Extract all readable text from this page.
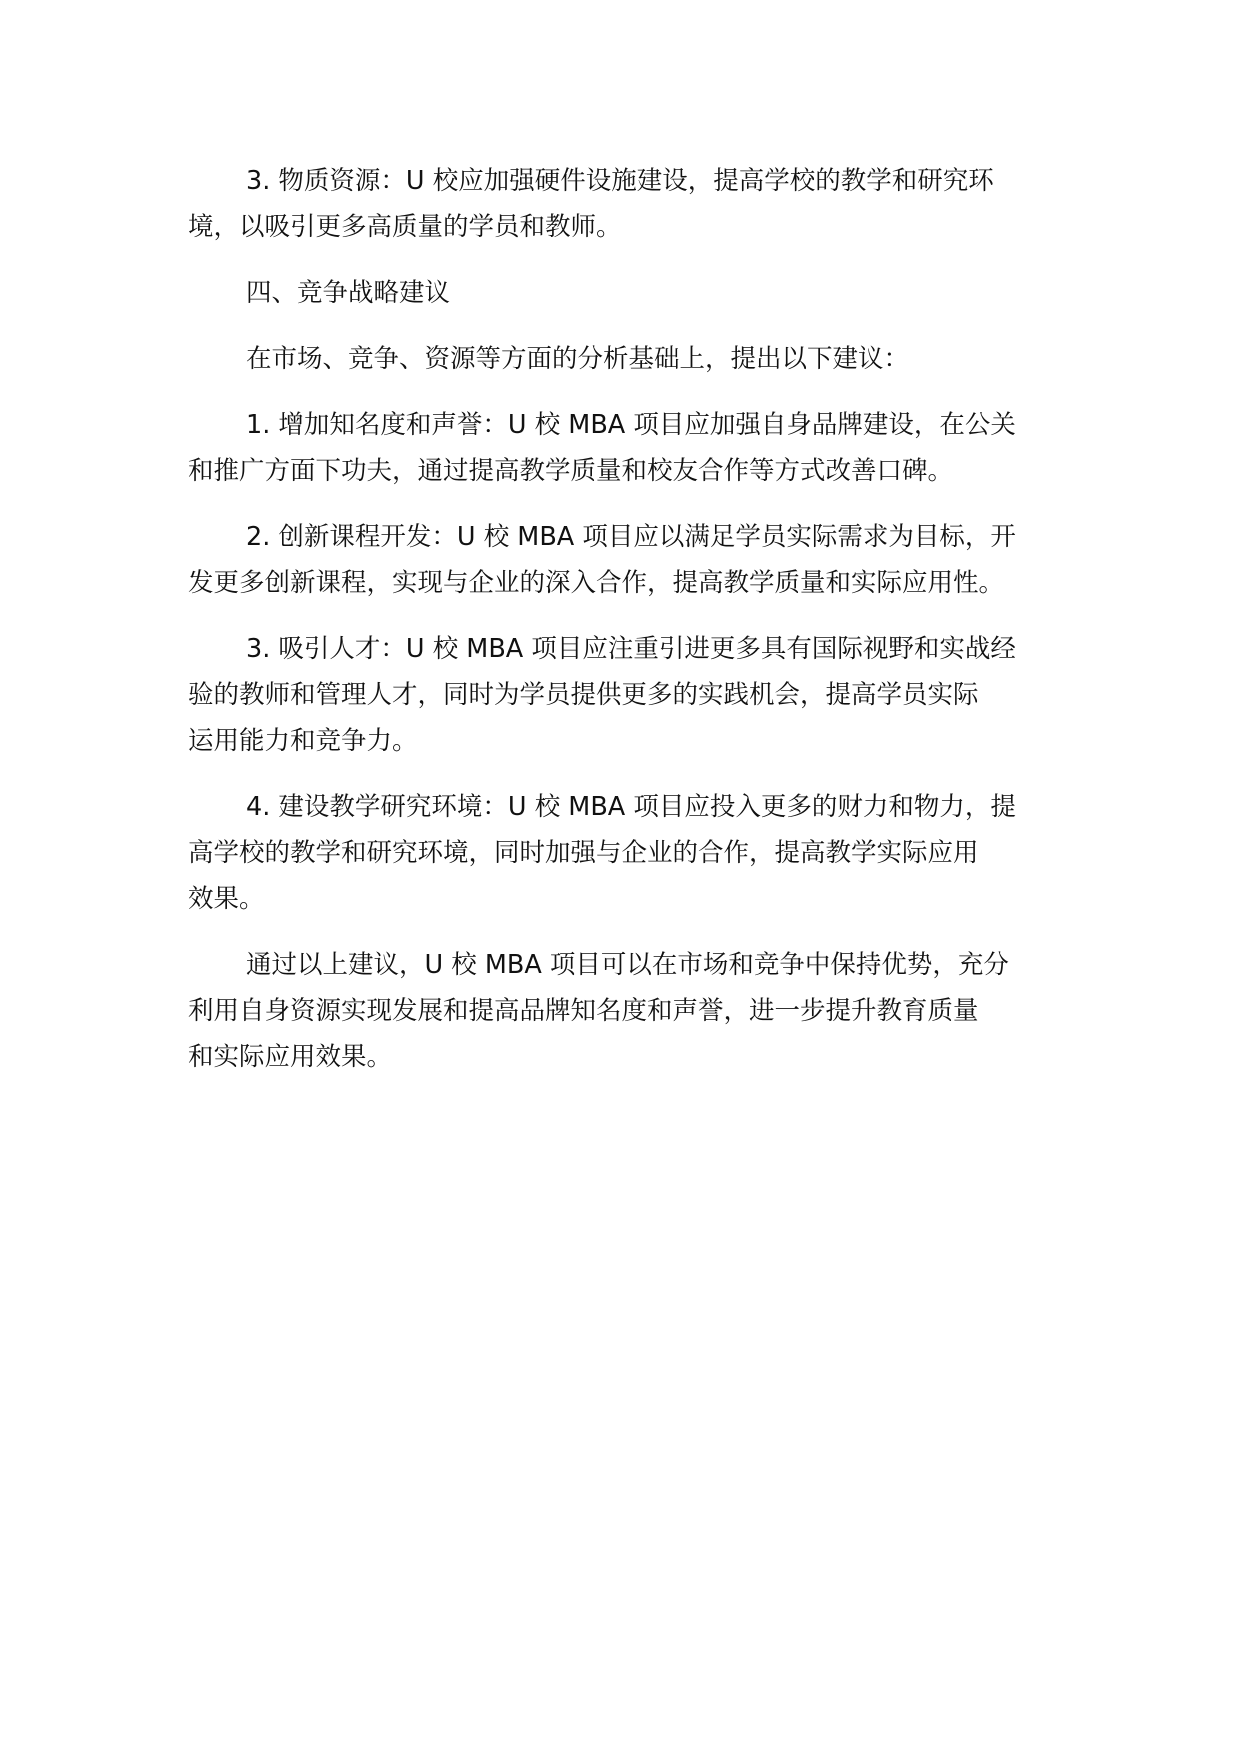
3. 物质资源：U 校应加强硬件设施建设，提高学校的教学和研究环
境，以吸引更多高质量的学员和教师。

四、竞争战略建议

在市场、竞争、资源等方面的分析基础上，提出以下建议：

1. 增加知名度和声誉：U 校 MBA 项目应加强自身品牌建设，在公关
和推广方面下功夫，通过提高教学质量和校友合作等方式改善口碑。

2. 创新课程开发：U 校 MBA 项目应以满足学员实际需求为目标，开
发更多创新课程，实现与企业的深入合作，提高教学质量和实际应用性。

3. 吸引人才：U 校 MBA 项目应注重引进更多具有国际视野和实战经
验的教师和管理人才，同时为学员提供更多的实践机会，提高学员实际
运用能力和竞争力。

4. 建设教学研究环境：U 校 MBA 项目应投入更多的财力和物力，提
高学校的教学和研究环境，同时加强与企业的合作，提高教学实际应用
效果。

通过以上建议，U 校 MBA 项目可以在市场和竞争中保持优势，充分
利用自身资源实现发展和提高品牌知名度和声誉，进一步提升教育质量
和实际应用效果。
